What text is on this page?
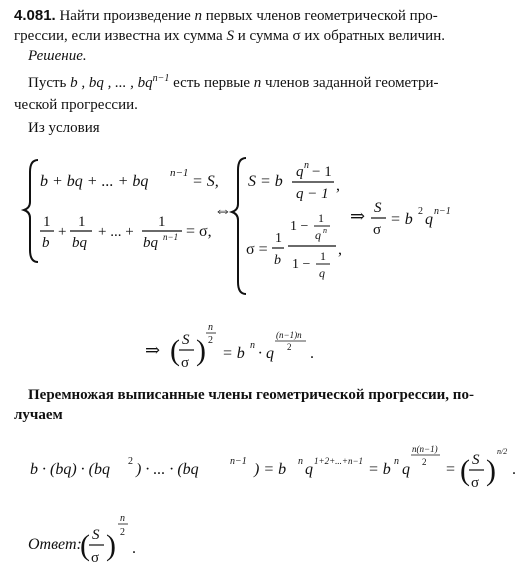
4.081. Найти произведение n первых членов геометрической про-
грессии, если известна их сумма S и сумма σ их обратных величин.
Решение.
Пусть b , bq , ... , $bq^{n-1}$ есть первые n членов заданной геометри-
ческой прогрессии.
Из условия
b + bq + ... + bq n−1 = S,
1
b
+
1
bq
+ ... +
1
bq n−1 = σ,
⇔
S = b
q n − 1
q − 1 ,
σ =
1
b
1 −
1
q n
1 −
1
q
,
⇒ S
σ
= b 2 q n−1
⇒ ( S
σ )
n
2
= b n · q
(n−1)n
2 .
Перемножая выписанные члены геометрической прогрессии, по-
лучаем
b · (bq) · (bq 2 ) · ... · (bq	n−1 ) = b n q 1+2+...+n−1 = b n q
n(n−1)
2 = ( S
σ )
n/2
.
Ответ:
( S
σ )
n
2
.
